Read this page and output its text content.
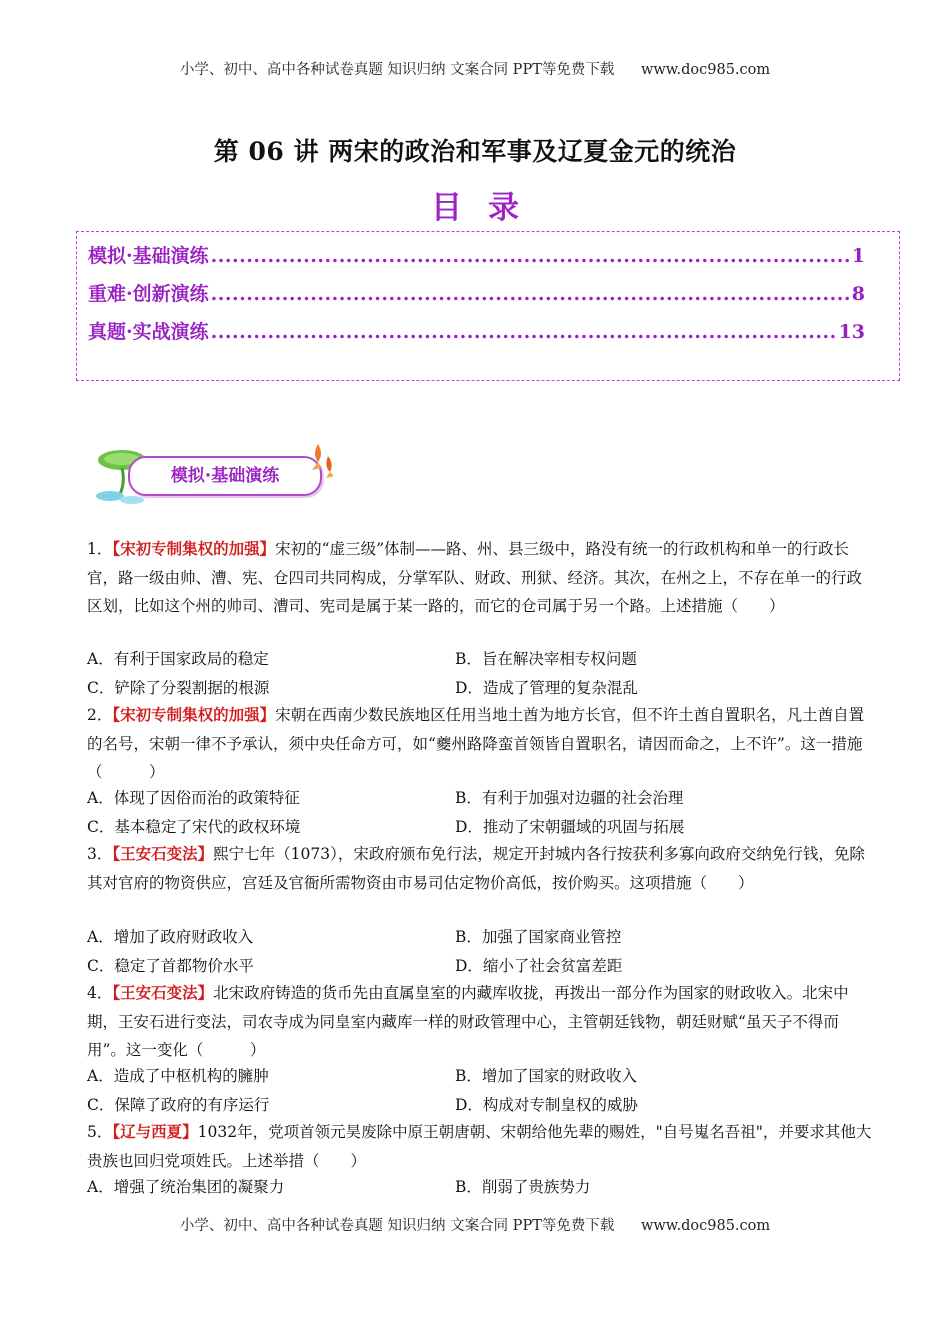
小学、初中、高中各种试卷真题 知识归纳 文案合同 PPT等免费下载 www.doc985.com
第 06 讲 两宋的政治和军事及辽夏金元的统治
目录
模拟·基础演练 .....	1
重难·创新演练 .....	8
真题·实战演练 .....	13
模拟·基础演练
1．【宋初专制集权的加强】宋初的“虚三级”体制——路、州、县三级中，路没有统一的行政机构和单一的行政长官，路一级由帅、漕、宪、仓四司共同构成，分掌军队、财政、刑狱、经济。其次，在州之上，不存在单一的行政区划，比如这个州的帅司、漕司、宪司是属于某一路的，而它的仓司属于另一个路。上述措施（　　）
A．有利于国家政局的稳定	B．旨在解决宰相专权问题
C．铲除了分裂割据的根源	D．造成了管理的复杂混乱
2．【宋初专制集权的加强】宋朝在西南少数民族地区任用当地土酋为地方长官，但不许土酋自置职名，凡土酋自置的名号，宋朝一律不予承认，须中央任命方可，如“夔州路降蛮首领皆自置职名，请因而命之，上不许”。这一措施（　　　）
A．体现了因俗而治的政策特征	B．有利于加强对边疆的社会治理
C．基本稳定了宋代的政权环境	D．推动了宋朝疆域的巩固与拓展
3．【王安石变法】熙宁七年（1073），宋政府颁布免行法，规定开封城内各行按获利多寡向政府交纳免行钱，免除其对官府的物资供应，宫廷及官衙所需物资由市易司估定物价高低，按价购买。这项措施（　　）
A．增加了政府财政收入	B．加强了国家商业管控
C．稳定了首都物价水平	D．缩小了社会贫富差距
4．【王安石变法】北宋政府铸造的货币先由直属皇室的内藏库收拢，再拨出一部分作为国家的财政收入。北宋中期，王安石进行变法，司农寺成为同皇室内藏库一样的财政管理中心，主管朝廷钱物，朝廷财赋“虽天子不得而用”。这一变化（　　　）
A．造成了中枢机构的臃肿	B．增加了国家的财政收入
C．保障了政府的有序运行	D．构成对专制皇权的威胁
5．【辽与西夏】1032年，党项首领元昊废除中原王朝唐朝、宋朝给他先辈的赐姓，"自号嵬名吾祖"，并要求其他大贵族也回归党项姓氏。上述举措（　　）
A．增强了统治集团的凝聚力	B．削弱了贵族势力
小学、初中、高中各种试卷真题 知识归纳 文案合同 PPT等免费下载 www.doc985.com
